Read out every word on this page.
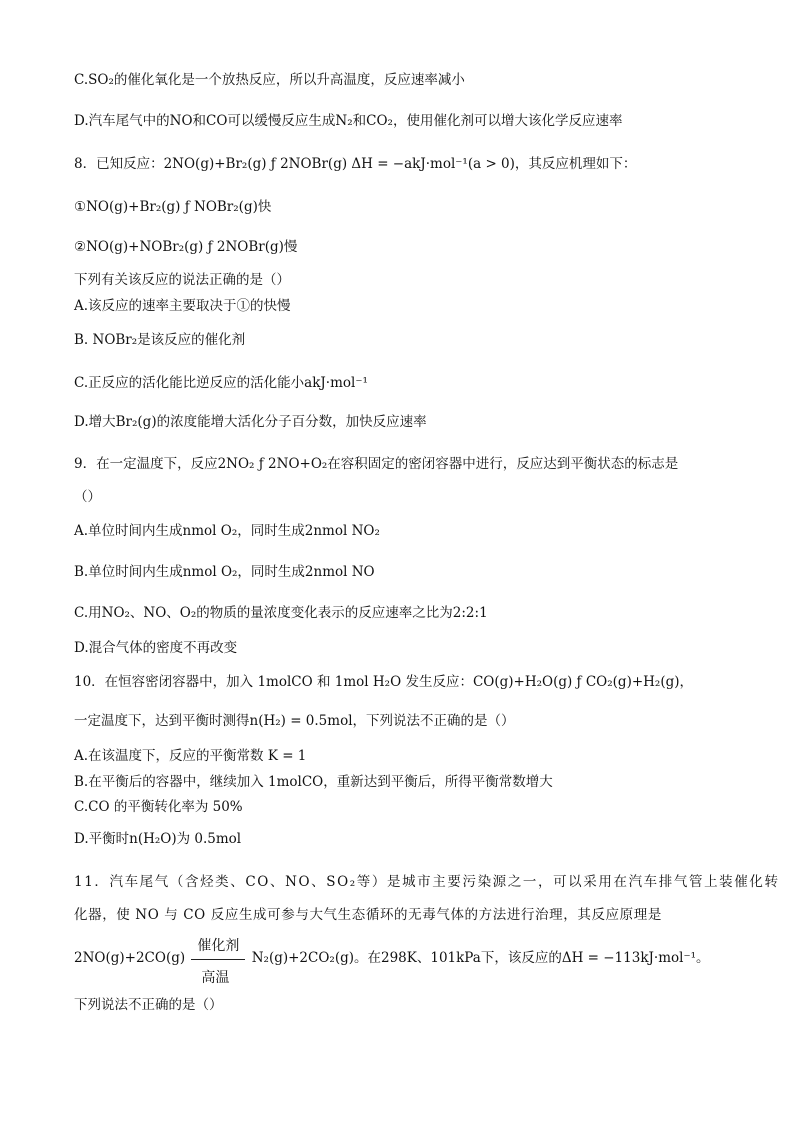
C.SO₂的催化氧化是一个放热反应，所以升高温度，反应速率减小
D.汽车尾气中的NO和CO可以缓慢反应生成N₂和CO₂，使用催化剂可以增大该化学反应速率
8．已知反应：2NO(g)+Br₂(g) ƒ 2NOBr(g) ΔH = −akJ·mol⁻¹(a > 0)，其反应机理如下：
①NO(g)+Br₂(g) ƒ NOBr₂(g)快
②NO(g)+NOBr₂(g) ƒ 2NOBr(g)慢
下列有关该反应的说法正确的是（）
A.该反应的速率主要取决于①的快慢
B. NOBr₂是该反应的催化剂
C.正反应的活化能比逆反应的活化能小akJ·mol⁻¹
D.增大Br₂(g)的浓度能增大活化分子百分数，加快反应速率
9．在一定温度下，反应2NO₂ ƒ 2NO+O₂在容积固定的密闭容器中进行，反应达到平衡状态的标志是
（）
A.单位时间内生成nmol O₂，同时生成2nmol NO₂
B.单位时间内生成nmol O₂，同时生成2nmol NO
C.用NO₂、NO、O₂的物质的量浓度变化表示的反应速率之比为2:2:1
D.混合气体的密度不再改变
10．在恒容密闭容器中，加入 1molCO 和 1mol H₂O 发生反应：CO(g)+H₂O(g) ƒ CO₂(g)+H₂(g)，
一定温度下，达到平衡时测得n(H₂) = 0.5mol，下列说法不正确的是（）
A.在该温度下，反应的平衡常数 K = 1
B.在平衡后的容器中，继续加入 1molCO，重新达到平衡后，所得平衡常数增大
C.CO 的平衡转化率为 50%
D.平衡时n(H₂O)为 0.5mol
11．汽车尾气（含烃类、CO、NO、SO₂等）是城市主要污染源之一，可以采用在汽车排气管上装催化转
化器，使 NO 与 CO 反应生成可参与大气生态循环的无毒气体的方法进行治理，其反应原理是
$2NO(g)+2CO(g) \frac{\text{催化剂}}{\text{高温}} N_2(g)+2CO_2(g)$。在298K、101kPa下，该反应的ΔH = −113kJ·mol⁻¹。
下列说法不正确的是（）
